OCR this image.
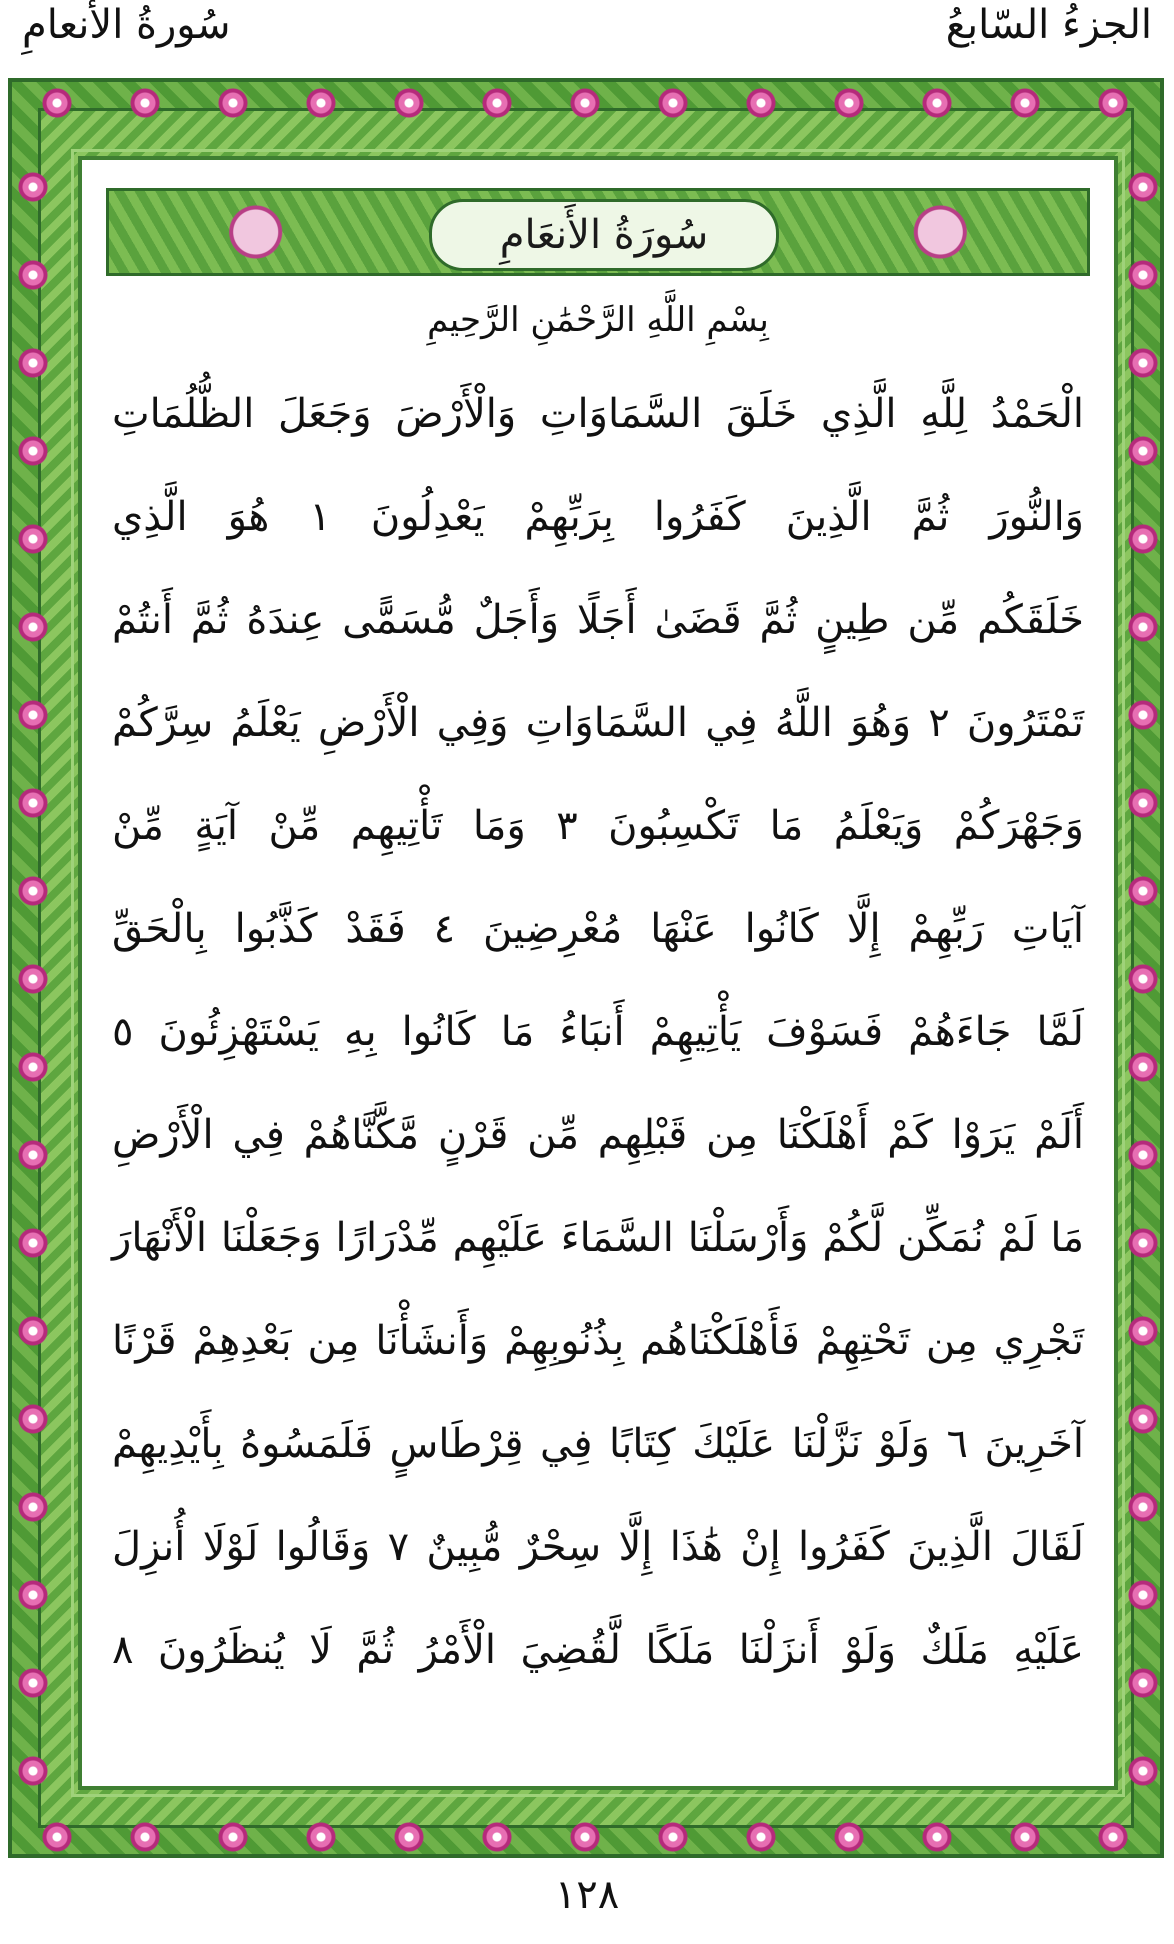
الجزءُ السّابعُ
سُورةُ الأنعامِ
سُورَةُ الأَنعَامِ
بِسْمِ اللَّهِ الرَّحْمَٰنِ الرَّحِيمِ
الْحَمْدُ لِلَّهِ الَّذِي خَلَقَ السَّمَاوَاتِ وَالْأَرْضَ وَجَعَلَ الظُّلُمَاتِ
وَالنُّورَ ثُمَّ الَّذِينَ كَفَرُوا بِرَبِّهِمْ يَعْدِلُونَ ١ هُوَ الَّذِي
خَلَقَكُم مِّن طِينٍ ثُمَّ قَضَىٰ أَجَلًا وَأَجَلٌ مُّسَمًّى عِندَهُ ثُمَّ أَنتُمْ
تَمْتَرُونَ ٢ وَهُوَ اللَّهُ فِي السَّمَاوَاتِ وَفِي الْأَرْضِ يَعْلَمُ سِرَّكُمْ
وَجَهْرَكُمْ وَيَعْلَمُ مَا تَكْسِبُونَ ٣ وَمَا تَأْتِيهِم مِّنْ آيَةٍ مِّنْ
آيَاتِ رَبِّهِمْ إِلَّا كَانُوا عَنْهَا مُعْرِضِينَ ٤ فَقَدْ كَذَّبُوا بِالْحَقِّ
لَمَّا جَاءَهُمْ فَسَوْفَ يَأْتِيهِمْ أَنبَاءُ مَا كَانُوا بِهِ يَسْتَهْزِئُونَ ٥
أَلَمْ يَرَوْا كَمْ أَهْلَكْنَا مِن قَبْلِهِم مِّن قَرْنٍ مَّكَّنَّاهُمْ فِي الْأَرْضِ
مَا لَمْ نُمَكِّن لَّكُمْ وَأَرْسَلْنَا السَّمَاءَ عَلَيْهِم مِّدْرَارًا وَجَعَلْنَا الْأَنْهَارَ
تَجْرِي مِن تَحْتِهِمْ فَأَهْلَكْنَاهُم بِذُنُوبِهِمْ وَأَنشَأْنَا مِن بَعْدِهِمْ قَرْنًا
آخَرِينَ ٦ وَلَوْ نَزَّلْنَا عَلَيْكَ كِتَابًا فِي قِرْطَاسٍ فَلَمَسُوهُ بِأَيْدِيهِمْ
لَقَالَ الَّذِينَ كَفَرُوا إِنْ هَٰذَا إِلَّا سِحْرٌ مُّبِينٌ ٧ وَقَالُوا لَوْلَا أُنزِلَ
عَلَيْهِ مَلَكٌ وَلَوْ أَنزَلْنَا مَلَكًا لَّقُضِيَ الْأَمْرُ ثُمَّ لَا يُنظَرُونَ ٨
١٢٨
